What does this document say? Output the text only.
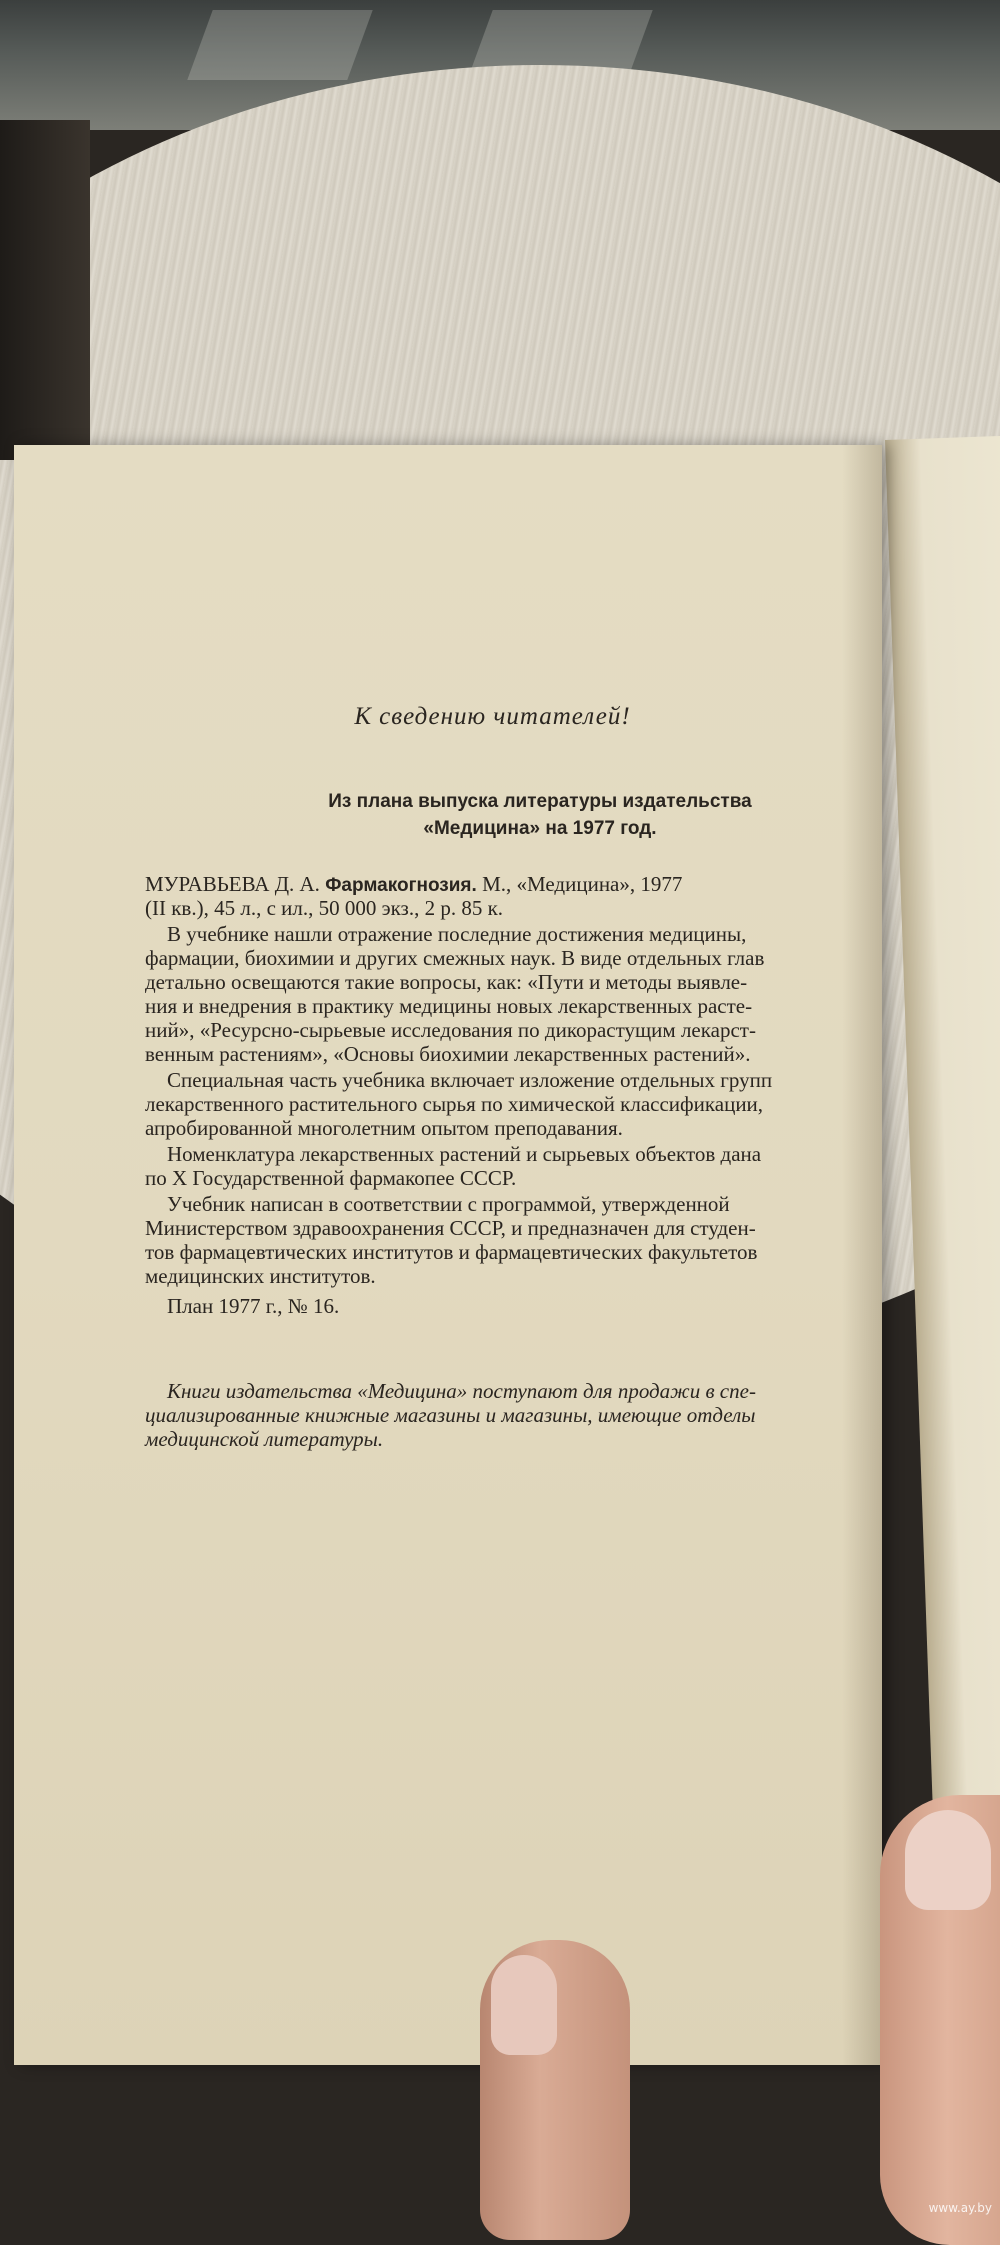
К сведению читателей!
Из плана выпуска литературы издательства
«Медицина» на 1977 год.
МУРАВЬЕВА Д. А. Фармакогнозия. М., «Медицина», 1977
(II кв.), 45 л., с ил., 50 000 экз., 2 р. 85 к.
В учебнике нашли отражение последние достижения медицины,
фармации, биохимии и других смежных наук. В виде отдельных глав
детально освещаются такие вопросы, как: «Пути и методы выявле-
ния и внедрения в практику медицины новых лекарственных расте-
ний», «Ресурсно-сырьевые исследования по дикорастущим лекарст-
венным растениям», «Основы биохимии лекарственных растений».
Специальная часть учебника включает изложение отдельных групп
лекарственного растительного сырья по химической классификации,
апробированной многолетним опытом преподавания.
Номенклатура лекарственных растений и сырьевых объектов дана
по X Государственной фармакопее СССР.
Учебник написан в соответствии с программой, утвержденной
Министерством здравоохранения СССР, и предназначен для студен-
тов фармацевтических институтов и фармацевтических факультетов
медицинских институтов.
План 1977 г., № 16.
Книги издательства «Медицина» поступают для продажи в спе-
циализированные книжные магазины и магазины, имеющие отделы
медицинской литературы.
www.ay.by
